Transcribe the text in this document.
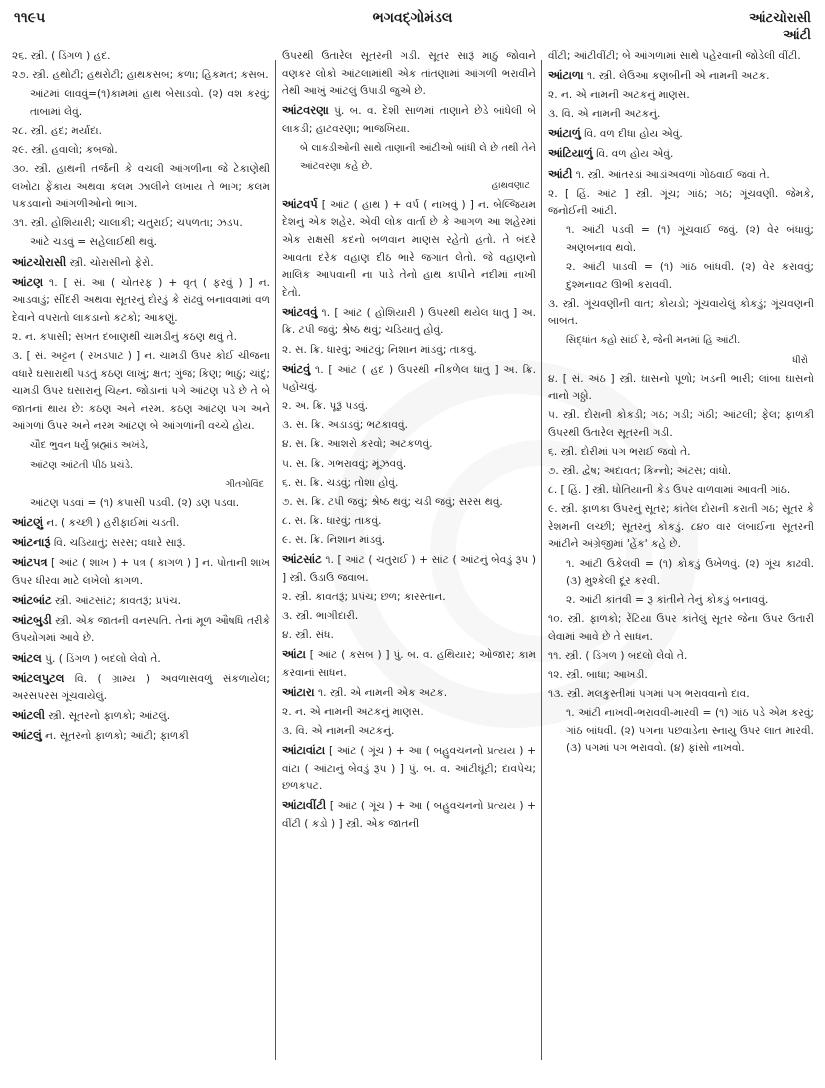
૧૧૯૫	ભગવદ્ગોમંડલ	આંટચોરાસી
આંટી
૨૬. સ્ત્રી. ( ડિંગળ ) હદ.
૨૭. સ્ત્રી. હથોટી; હથરોટી; હાથકસબ; કળા; હિકમત; કસબ.
આંટમાં લાવવું=(૧)કામમાં હાથ બેસાડવો. (૨) વશ કરવું; તાબામાં લેવું.
૨૮. સ્ત્રી. હદ; મર્યાદા.
૨૯. સ્ત્રી. હવાલો; કબજો.
૩૦. સ્ત્રી. હાથની તર્જની કે વચલી આંગળીના જે ટેકાણેથી લખોટા ફેંકાય અથવા કલમ ઝાલીને લખાય તે ભાગ; કલમ પકડવાનો આંગળીઓનો ભાગ.
૩૧. સ્ત્રી. હોશિયારી; ચાલાકી; ચતુરાઈ; ચપળતા; ઝડપ.
આંટે ચડવું = સહેલાઈથી થવું.
આંટચોરાસી સ્ત્રી. ચોરાસીનો ફેરો.
આંટણ ૧. [ સં. આ ( ચોતરફ ) + વૃત્ ( ફરવું ) ] ન. આડવાડું; સીંદરી અથવા સૂતરનું દોરડું કે રાંઢવું બનાવવામાં વળ દેવાને વપરાતો લાકડાનો કટકો; આકણું.
૨. ન. કપાસી; સખત દબાણથી ચામડીનું કઠણ થવું તે.
૩. [ સં. અટ્ટન ( રખડપાટ ) ] ન. ચામડી ઉપર કોઈ ચીજના વધારે ઘસારાથી પડતું કઠણ લાખું; ક્ષત; ગુંજ; કિણ; ભાઠું; ચાંદું; ચામડી ઉપર ઘસારાનું ચિહ્ન. જોડાનાં પગે આંટણ પડે છે તે બે જાતનાં થાય છે: કઠણ અને નરમ. કઠણ આંટણ પગ અને આંગળાં ઉપર અને નરમ આંટણ બે આંગળાંની વચ્ચે હોય.
ચૌદ ભુવન ધર્યું બ્રહ્માંડ અખંડે,
આંટણ આંટતી પીઠ પ્રચંડે.
ગીતગોવિંદ
આંટણ પડવાં = (૧) કપાસી પડવી. (૨) ડણ પડવા.
આંટણું ન. ( કચ્છી ) હરીફાઈમાં ચડતી.
આંટનારૂં વિ. ચડિયાતું; સરસ; વધારે સારૂં.
આંટપત્ર [ આંટ ( શાખ ) + પત્ર ( કાગળ ) ] ન. પોતાની શાખ ઉપર ધીરવા માટે લખેલો કાગળ.
આંટબાંટ સ્ત્રી. આંટસાંટ; કાવતરૂં; પ્રપંચ.
આંટબુડી સ્ત્રી. એક જાતની વનસ્પતિ. તેનાં મૂળ ઔષધિ તરીકે ઉપયોગમાં આવે છે.
આંટલ પું. ( ડિંગળ ) બદલો લેવો તે.
આંટલપુટલ વિ. ( ગ્રામ્ય ) અવળાસવળું સંકળાયેલ; અરસપરસ ગૂંચવાયેલું.
આંટલી સ્ત્રી. સૂતરનો ફાળકો; આંટલું.
આંટલું ન. સૂતરનો ફાળકો; આંટી; ફાળકી
ઉપરથી ઉતારેલ સૂતરની ગડી. સૂતર સારૂં માઠું જોવાને વણકર લોકો આંટલામાંથી એક તાંતણામાં આંગળી ભરાવીને તેથી આખું આંટલું ઉપાડી જુએ છે.
આંટવરણા પું. બ. વ. દેશી સાળમાં તાણાને છેડે બાંધેલી બે લાકડી; હાટવરણા; ભાજખિયા.
બે લાકડીઓની સાથે તાણાની આંટીઓ બાંધી લે છે તથી તેને આંટવરણા કહે છે.
હાથવણાટ
આંટવર્પ [ આંટ ( હાથ ) + વર્પ ( નાખવું ) ] ન. બેલ્જિયમ દેશનું એક શહેર. એવી લોક વાર્તા છે કે આગળ આ શહેરમાં એક રાક્ષસી કદનો બળવાન માણસ રહેતો હતો. તે બંદરે આવતા દરેક વહાણ દીઠ ભારે જગાત લેતો. જે વહાણનો માલિક આપવાની ના પાડે તેનો હાથ કાપીને નદીમાં નાખી દેતો.
આંટવવું ૧. [ આંટ ( હોશિયારી ) ઉપરથી થયેલ ધાતુ ] અ. ક્રિ. ટપી જવું; શ્રેષ્ઠ થવું; ચડિયાતું હોવું.
૨. સ. ક્રિ. ધારવું; આંટવું; નિશાન માંડવું; તાકવું.
આંટવું ૧. [ આંટ ( હદ ) ઉપરથી નીકળેલ ધાતુ ] અ. ક્રિ. પહોંચવું.
૨. અ. ક્રિ. પૂરૂં પડવું.
૩. સ. ક્રિ. અડાડવું; ભટકાવવું.
૪. સ. ક્રિ. આશરો કરવો; અટકળવું.
૫. સ. ક્રિ. ગભરાવવું; મૂંઝવવું.
૬. સ. ક્રિ. ચડવું; તોશા હોવું.
૭. સ. ક્રિ. ટપી જવું; શ્રેષ્ઠ થવું; ચડી જવું; સરસ થવું.
૮. સ. ક્રિ. ધારવું; તાકવું.
૯. સ. ક્રિ. નિશાન માંડવું.
આંટસાંટ ૧. [ આંટ ( ચતુરાઈ ) + સાંટ ( આંટનું બેવડું રૂપ ) ] સ્ત્રી. ઉડાઉ જવાબ.
૨. સ્ત્રી. કાવતરૂં; પ્રપંચ; છળ; કારસ્તાન.
૩. સ્ત્રી. ભાગીદારી.
૪. સ્ત્રી. સંધ.
આંટા [ આંટ ( કસબ ) ] પું. બ. વ. હથિયાર; ઓજાર; કામ કરવાનાં સાધન.
આંટારા ૧. સ્ત્રી. એ નામની એક અટક.
૨. ન. એ નામની અટકનું માણસ.
૩. વિ. એ નામની અટકનું.
આંટાવાંટા [ આંટ ( ગૂંચ ) + આ ( બહુવચનનો પ્રત્યય ) + વાંટા ( આંટાનું બેવડું રૂપ ) ] પું. બ. વ. આંટીઘૂંટી; દાવપેચ; છળકપટ.
આંટાવીંટી [ આંટ ( ગૂંચ ) + આ ( બહુવચનનો પ્રત્યય ) + વીંટી ( કડો ) ] સ્ત્રી. એક જાતની
વીંટી; આંટીવીંટી; બે આંગળામાં સાથે પહેરવાની જોડેલી વીંટી.
આંટાળા ૧. સ્ત્રી. લેઉઆ કણબીની એ નામની અટક.
૨. ન. એ નામની અટકનું માણસ.
૩. વિ. એ નામની અટકનું.
આંટાળું વિ. વળ દીધા હોય એવું.
આંટિયાળું વિ. વળ હોય એવું.
આંટી ૧. સ્ત્રી. આંતરડાં આડાંઅવળાં ગોઠવાઈ જવાં તે.
૨. [ હિં. આંટ ] સ્ત્રી. ગૂંચ; ગાંઠ; ગઠ; ગૂંચવણી. જેમકે, જનોઈની આંટી.
૧. આંટી પડવી = (૧) ગૂંચવાઈ જવું. (૨) વેર બંધાવું; અણબનાવ થવો.
૨. આંટી પાડવી = (૧) ગાંઠ બાંધવી. (૨) વેર કરાવવું; દુશ્મનાવટ ઊભી કરાવવી.
૩. સ્ત્રી. ગૂંચવણીની વાત; કોયડો; ગૂંચવાયેલું કોકડું; ગૂંચવણની બાબત.
સિદ્ધાંત કહો સાંઈ રે, જેની મનમાં હિ આંટી.
ધીરો
૪. [ સં. અંઠ ] સ્ત્રી. ઘાસનો પૂળો; ખડની ભારી; લાંબા ઘાસનો નાનો ગઠ્ઠો.
૫. સ્ત્રી. દોરાની કોકડી; ગઠ; ગડી; ગંઠી; આંટલી; ફેલ; ફાળકી ઉપરથી ઉતારેલ સૂતરની ગડી.
૬. સ્ત્રી. દોરીમાં પગ ભરાઈ જવો તે.
૭. સ્ત્રી. દ્વેષ; અદાવત; કિન્નો; અંટસ; વાંધો.
૮. [ હિં. ] સ્ત્રી. ધોતિયાની કેડ ઉપર વાળવામાં આવતી ગાંઠ.
૯. સ્ત્રી. ફાળકા ઉપરનું સૂતર; કાંતેલ દોરાની કરાતી ગઠ; સૂતર કે રેશમની લચ્છી; સૂતરનું કોકડું. ૮૪૦ વાર લંબાઈના સૂતરની આંટીને અંગ્રેજીમાં 'હેંક' કહે છે.
૧. આંટી ઉકેલવી = (૧) કોકડું ઉખેળવું. (૨) ગૂંચ કાઢવી. (૩) મુશ્કેલી દૂર કરવી.
૨. આંટી કાંતવી = રૂ કાંતીને તેનું કોકડું બનાવવું.
૧૦. સ્ત્રી. ફાળકો; રેંટિયા ઉપર કાંતેલું સૂતર જેના ઉપર ઉતારી લેવામાં આવે છે તે સાધન.
૧૧. સ્ત્રી. ( ડિંગળ ) બદલો લેવો તે.
૧૨. સ્ત્રી. બાધા; આખડી.
૧૩. સ્ત્રી. મલકુસ્તીમાં પગમાં પગ ભરાવવાનો દાવ.
૧. આંટી નાખવી-ભરાવવી-મારવી = (૧) ગાંઠ પડે એમ કરવું; ગાંઠ બાંધવી. (૨) પગના પછવાડેના સ્નાયુ ઉપર લાત મારવી. (૩) પગમાં પગ ભરાવવો. (૪) ફાંસો નાખવો.
